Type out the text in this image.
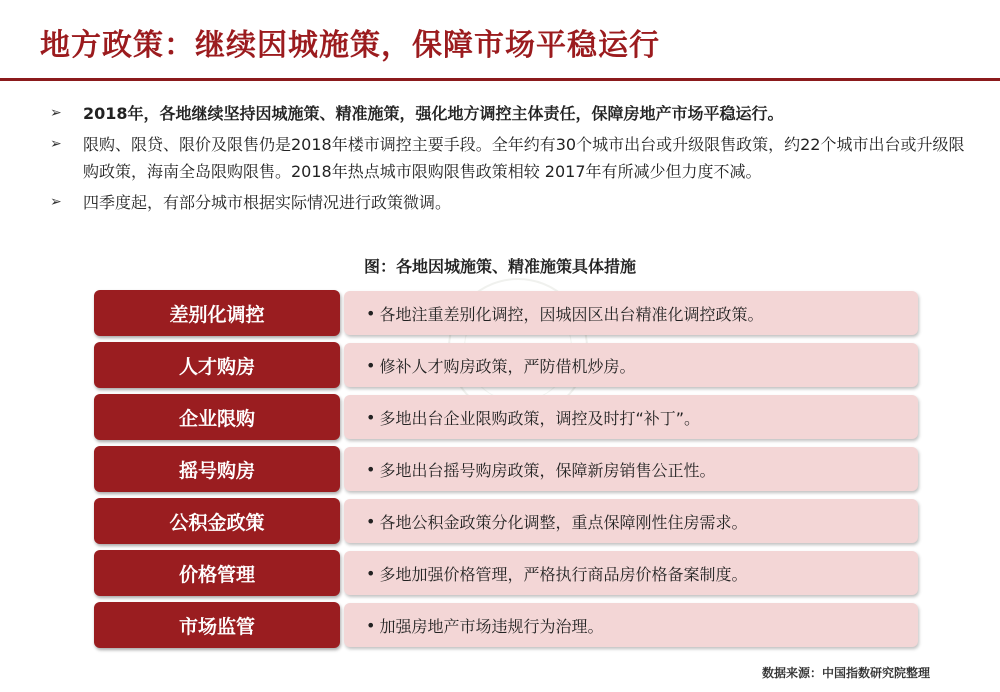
地方政策：继续因城施策，保障市场平稳运行
➢ 2018年，各地继续坚持因城施策、精准施策，强化地方调控主体责任，保障房地产市场平稳运行。
➢ 限购、限贷、限价及限售仍是2018年楼市调控主要手段。全年约有30个城市出台或升级限售政策，约22个城市出台或升级限购政策，海南全岛限购限售。2018年热点城市限购限售政策相较 2017年有所减少但力度不减。
➢ 四季度起，有部分城市根据实际情况进行政策微调。
图：各地因城施策、精准施策具体措施
差别化调控	• 各地注重差别化调控，因城因区出台精准化调控政策。
人才购房	• 修补人才购房政策，严防借机炒房。
企业限购	• 多地出台企业限购政策，调控及时打“补丁”。
摇号购房	• 多地出台摇号购房政策，保障新房销售公正性。
公积金政策	• 各地公积金政策分化调整，重点保障刚性住房需求。
价格管理	• 多地加强价格管理，严格执行商品房价格备案制度。
市场监管	• 加强房地产市场违规行为治理。
数据来源：中国指数研究院整理
